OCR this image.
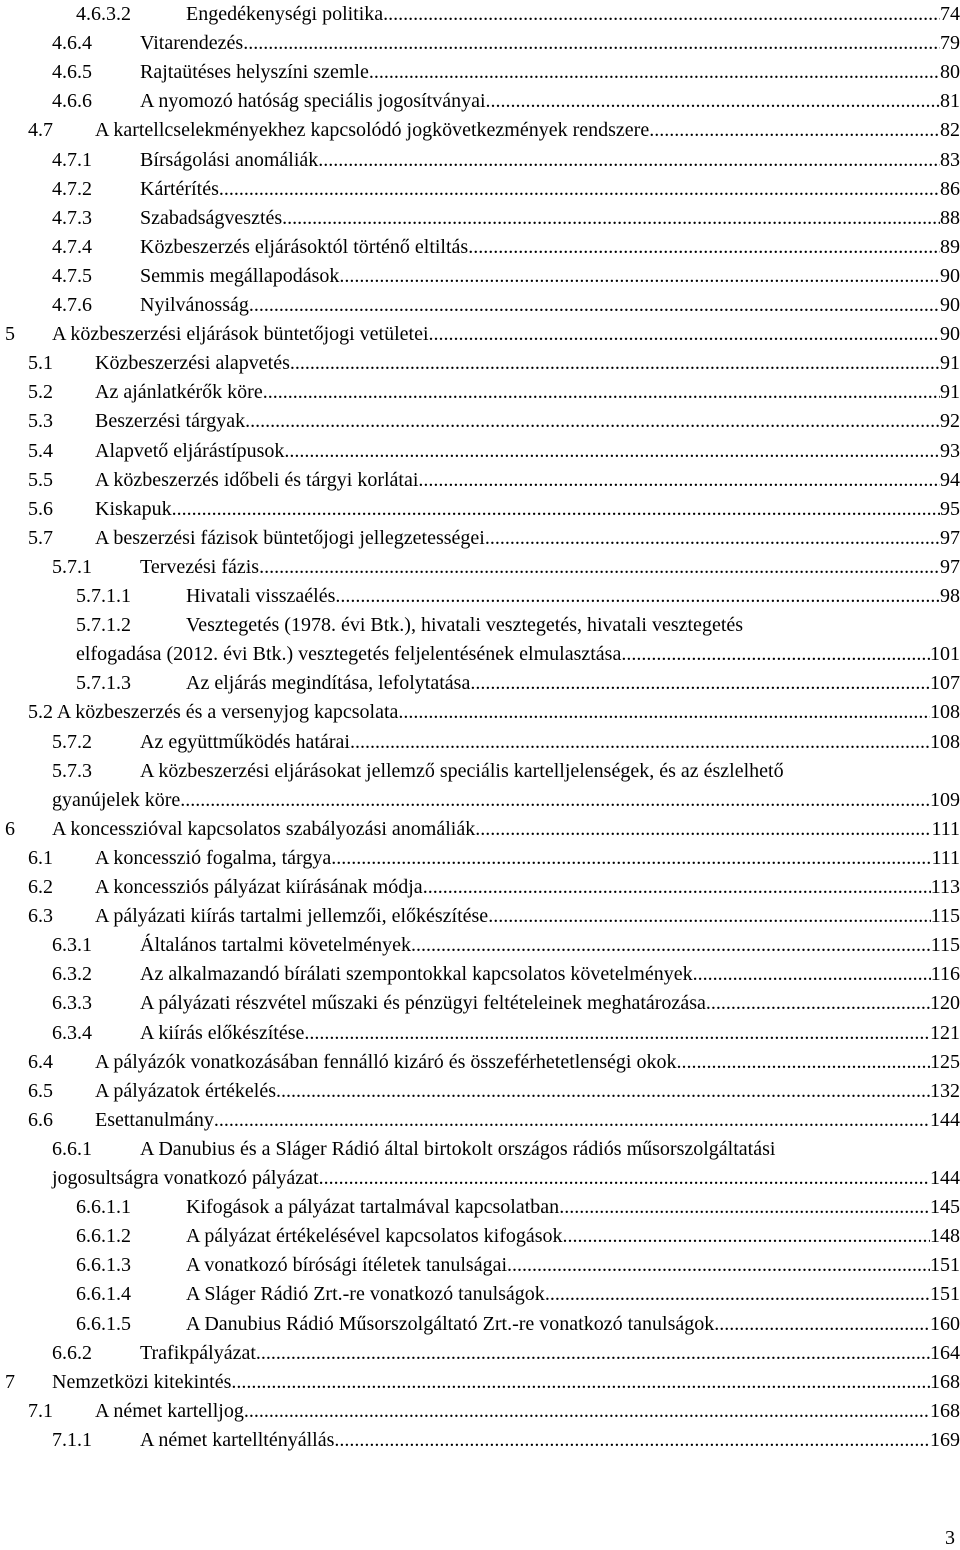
4.6.3.2	Engedékenységi politika .....	74
4.6.4 Vitarendezés .....	79
4.6.5 Rajtaütéses helyszíni szemle .....	80
4.6.6 A nyomozó hatóság speciális jogosítványai .....	81
4.7 A kartellcselekményekhez kapcsolódó jogkövetkezmények rendszere .....	82
4.7.1 Bírságolási anomáliák .....	83
4.7.2 Kártérítés .....	86
4.7.3 Szabadságvesztés .....	88
4.7.4 Közbeszerzés eljárásoktól történő eltiltás .....	89
4.7.5 Semmis megállapodások .....	90
4.7.6 Nyilvánosság .....	90
5 A közbeszerzési eljárások büntetőjogi vetületei .....	90
5.1 Közbeszerzési alapvetés .....	91
5.2 Az ajánlatkérők köre .....	91
5.3 Beszerzési tárgyak .....	92
5.4 Alapvető eljárástípusok .....	93
5.5 A közbeszerzés időbeli és tárgyi korlátai .....	94
5.6 Kiskapuk .....	95
5.7 A beszerzési fázisok büntetőjogi jellegzetességei .....	97
5.7.1 Tervezési fázis .....	97
5.7.1.1	Hivatali visszaélés .....	98
5.7.1.2	Vesztegetés (1978. évi Btk.), hivatali vesztegetés, hivatali vesztegetés
elfogadása (2012. évi Btk.) vesztegetés feljelentésének elmulasztása .....	101
5.7.1.3	Az eljárás megindítása, lefolytatása .....	107
5.2 A közbeszerzés és a versenyjog kapcsolata .....	108
5.7.2 Az együttműködés határai .....	108
5.7.3 A közbeszerzési eljárásokat jellemző speciális kartelljelenségek, és az észlelhető
gyanújelek köre .....	109
6 A koncesszióval kapcsolatos szabályozási anomáliák .....	111
6.1 A koncesszió fogalma, tárgya .....	111
6.2 A koncessziós pályázat kiírásának módja .....	113
6.3 A pályázati kiírás tartalmi jellemzői, előkészítése .....	115
6.3.1 Általános tartalmi követelmények .....	115
6.3.2 Az alkalmazandó bírálati szempontokkal kapcsolatos követelmények .....	116
6.3.3 A pályázati részvétel műszaki és pénzügyi feltételeinek meghatározása .....	120
6.3.4 A kiírás előkészítése .....	121
6.4 A pályázók vonatkozásában fennálló kizáró és összeférhetetlenségi okok .....	125
6.5 A pályázatok értékelés .....	132
6.6 Esettanulmány .....	144
6.6.1 A Danubius és a Sláger Rádió által birtokolt országos rádiós műsorszolgáltatási
jogosultságra vonatkozó pályázat .....	144
6.6.1.1	Kifogások a pályázat tartalmával kapcsolatban .....	145
6.6.1.2	A pályázat értékelésével kapcsolatos kifogások .....	148
6.6.1.3	A vonatkozó bírósági ítéletek tanulságai .....	151
6.6.1.4	A Sláger Rádió Zrt.-re vonatkozó tanulságok .....	151
6.6.1.5	A Danubius Rádió Műsorszolgáltató Zrt.-re vonatkozó tanulságok .....	160
6.6.2 Trafikpályázat .....	164
7 Nemzetközi kitekintés .....	168
7.1 A német kartelljog .....	168
7.1.1 A német kartelltényállás .....	169
3
